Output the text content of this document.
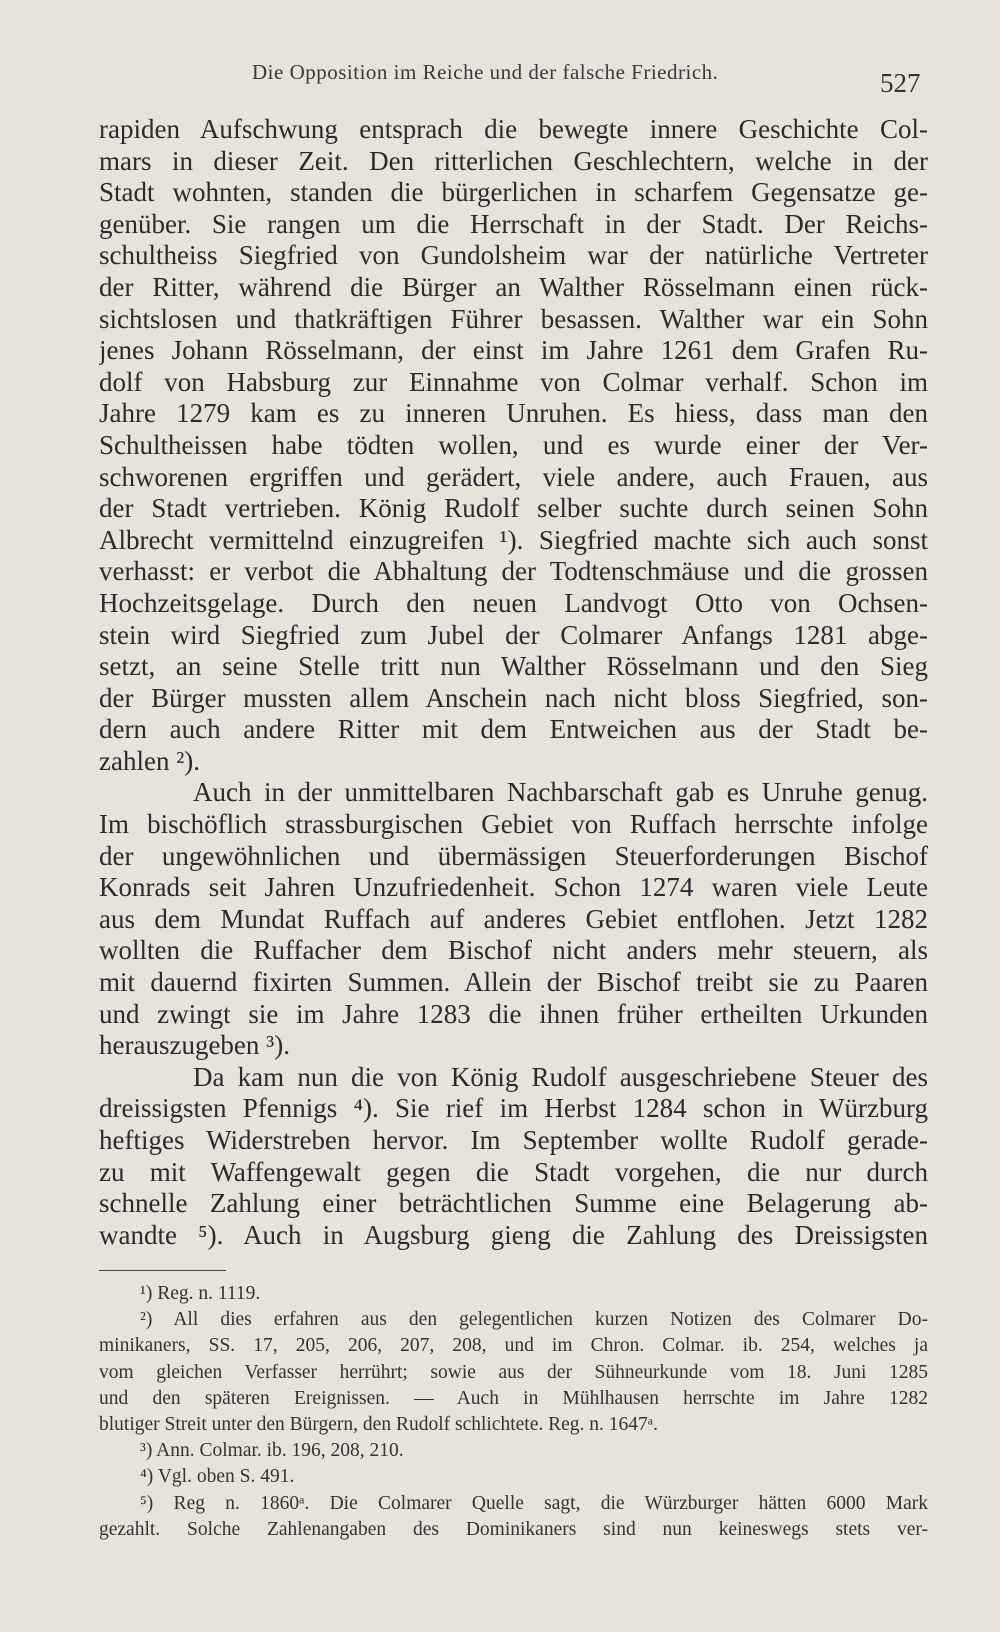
Die Opposition im Reiche und der falsche Friedrich.	527
rapiden Aufschwung entsprach die bewegte innere Geschichte Col-
mars in dieser Zeit. Den ritterlichen Geschlechtern, welche in der
Stadt wohnten, standen die bürgerlichen in scharfem Gegensatze ge-
genüber. Sie rangen um die Herrschaft in der Stadt. Der Reichs-
schultheiss Siegfried von Gundolsheim war der natürliche Vertreter
der Ritter, während die Bürger an Walther Rösselmann einen rück-
sichtslosen und thatkräftigen Führer besassen. Walther war ein Sohn
jenes Johann Rösselmann, der einst im Jahre 1261 dem Grafen Ru-
dolf von Habsburg zur Einnahme von Colmar verhalf. Schon im
Jahre 1279 kam es zu inneren Unruhen. Es hiess, dass man den
Schultheissen habe tödten wollen, und es wurde einer der Ver-
schworenen ergriffen und gerädert, viele andere, auch Frauen, aus
der Stadt vertrieben. König Rudolf selber suchte durch seinen Sohn
Albrecht vermittelnd einzugreifen ¹). Siegfried machte sich auch sonst
verhasst: er verbot die Abhaltung der Todtenschmäuse und die grossen
Hochzeitsgelage. Durch den neuen Landvogt Otto von Ochsen-
stein wird Siegfried zum Jubel der Colmarer Anfangs 1281 abge-
setzt, an seine Stelle tritt nun Walther Rösselmann und den Sieg
der Bürger mussten allem Anschein nach nicht bloss Siegfried, son-
dern auch andere Ritter mit dem Entweichen aus der Stadt be-
zahlen ²).
Auch in der unmittelbaren Nachbarschaft gab es Unruhe genug.
Im bischöflich strassburgischen Gebiet von Ruffach herrschte infolge
der ungewöhnlichen und übermässigen Steuerforderungen Bischof
Konrads seit Jahren Unzufriedenheit. Schon 1274 waren viele Leute
aus dem Mundat Ruffach auf anderes Gebiet entflohen. Jetzt 1282
wollten die Ruffacher dem Bischof nicht anders mehr steuern, als
mit dauernd fixirten Summen. Allein der Bischof treibt sie zu Paaren
und zwingt sie im Jahre 1283 die ihnen früher ertheilten Urkunden
herauszugeben ³).
Da kam nun die von König Rudolf ausgeschriebene Steuer des
dreissigsten Pfennigs ⁴). Sie rief im Herbst 1284 schon in Würzburg
heftiges Widerstreben hervor. Im September wollte Rudolf gerade-
zu mit Waffengewalt gegen die Stadt vorgehen, die nur durch
schnelle Zahlung einer beträchtlichen Summe eine Belagerung ab-
wandte ⁵). Auch in Augsburg gieng die Zahlung des Dreissigsten
¹) Reg. n. 1119.
²) All dies erfahren aus den gelegentlichen kurzen Notizen des Colmarer Do-
minikaners, SS. 17, 205, 206, 207, 208, und im Chron. Colmar. ib. 254, welches ja
vom gleichen Verfasser herrührt; sowie aus der Sühneurkunde vom 18. Juni 1285
und den späteren Ereignissen. — Auch in Mühlhausen herrschte im Jahre 1282
blutiger Streit unter den Bürgern, den Rudolf schlichtete. Reg. n. 1647ᵃ.
³) Ann. Colmar. ib. 196, 208, 210.
⁴) Vgl. oben S. 491.
⁵) Reg n. 1860ᵃ. Die Colmarer Quelle sagt, die Würzburger hätten 6000 Mark
gezahlt. Solche Zahlenangaben des Dominikaners sind nun keineswegs stets ver-
